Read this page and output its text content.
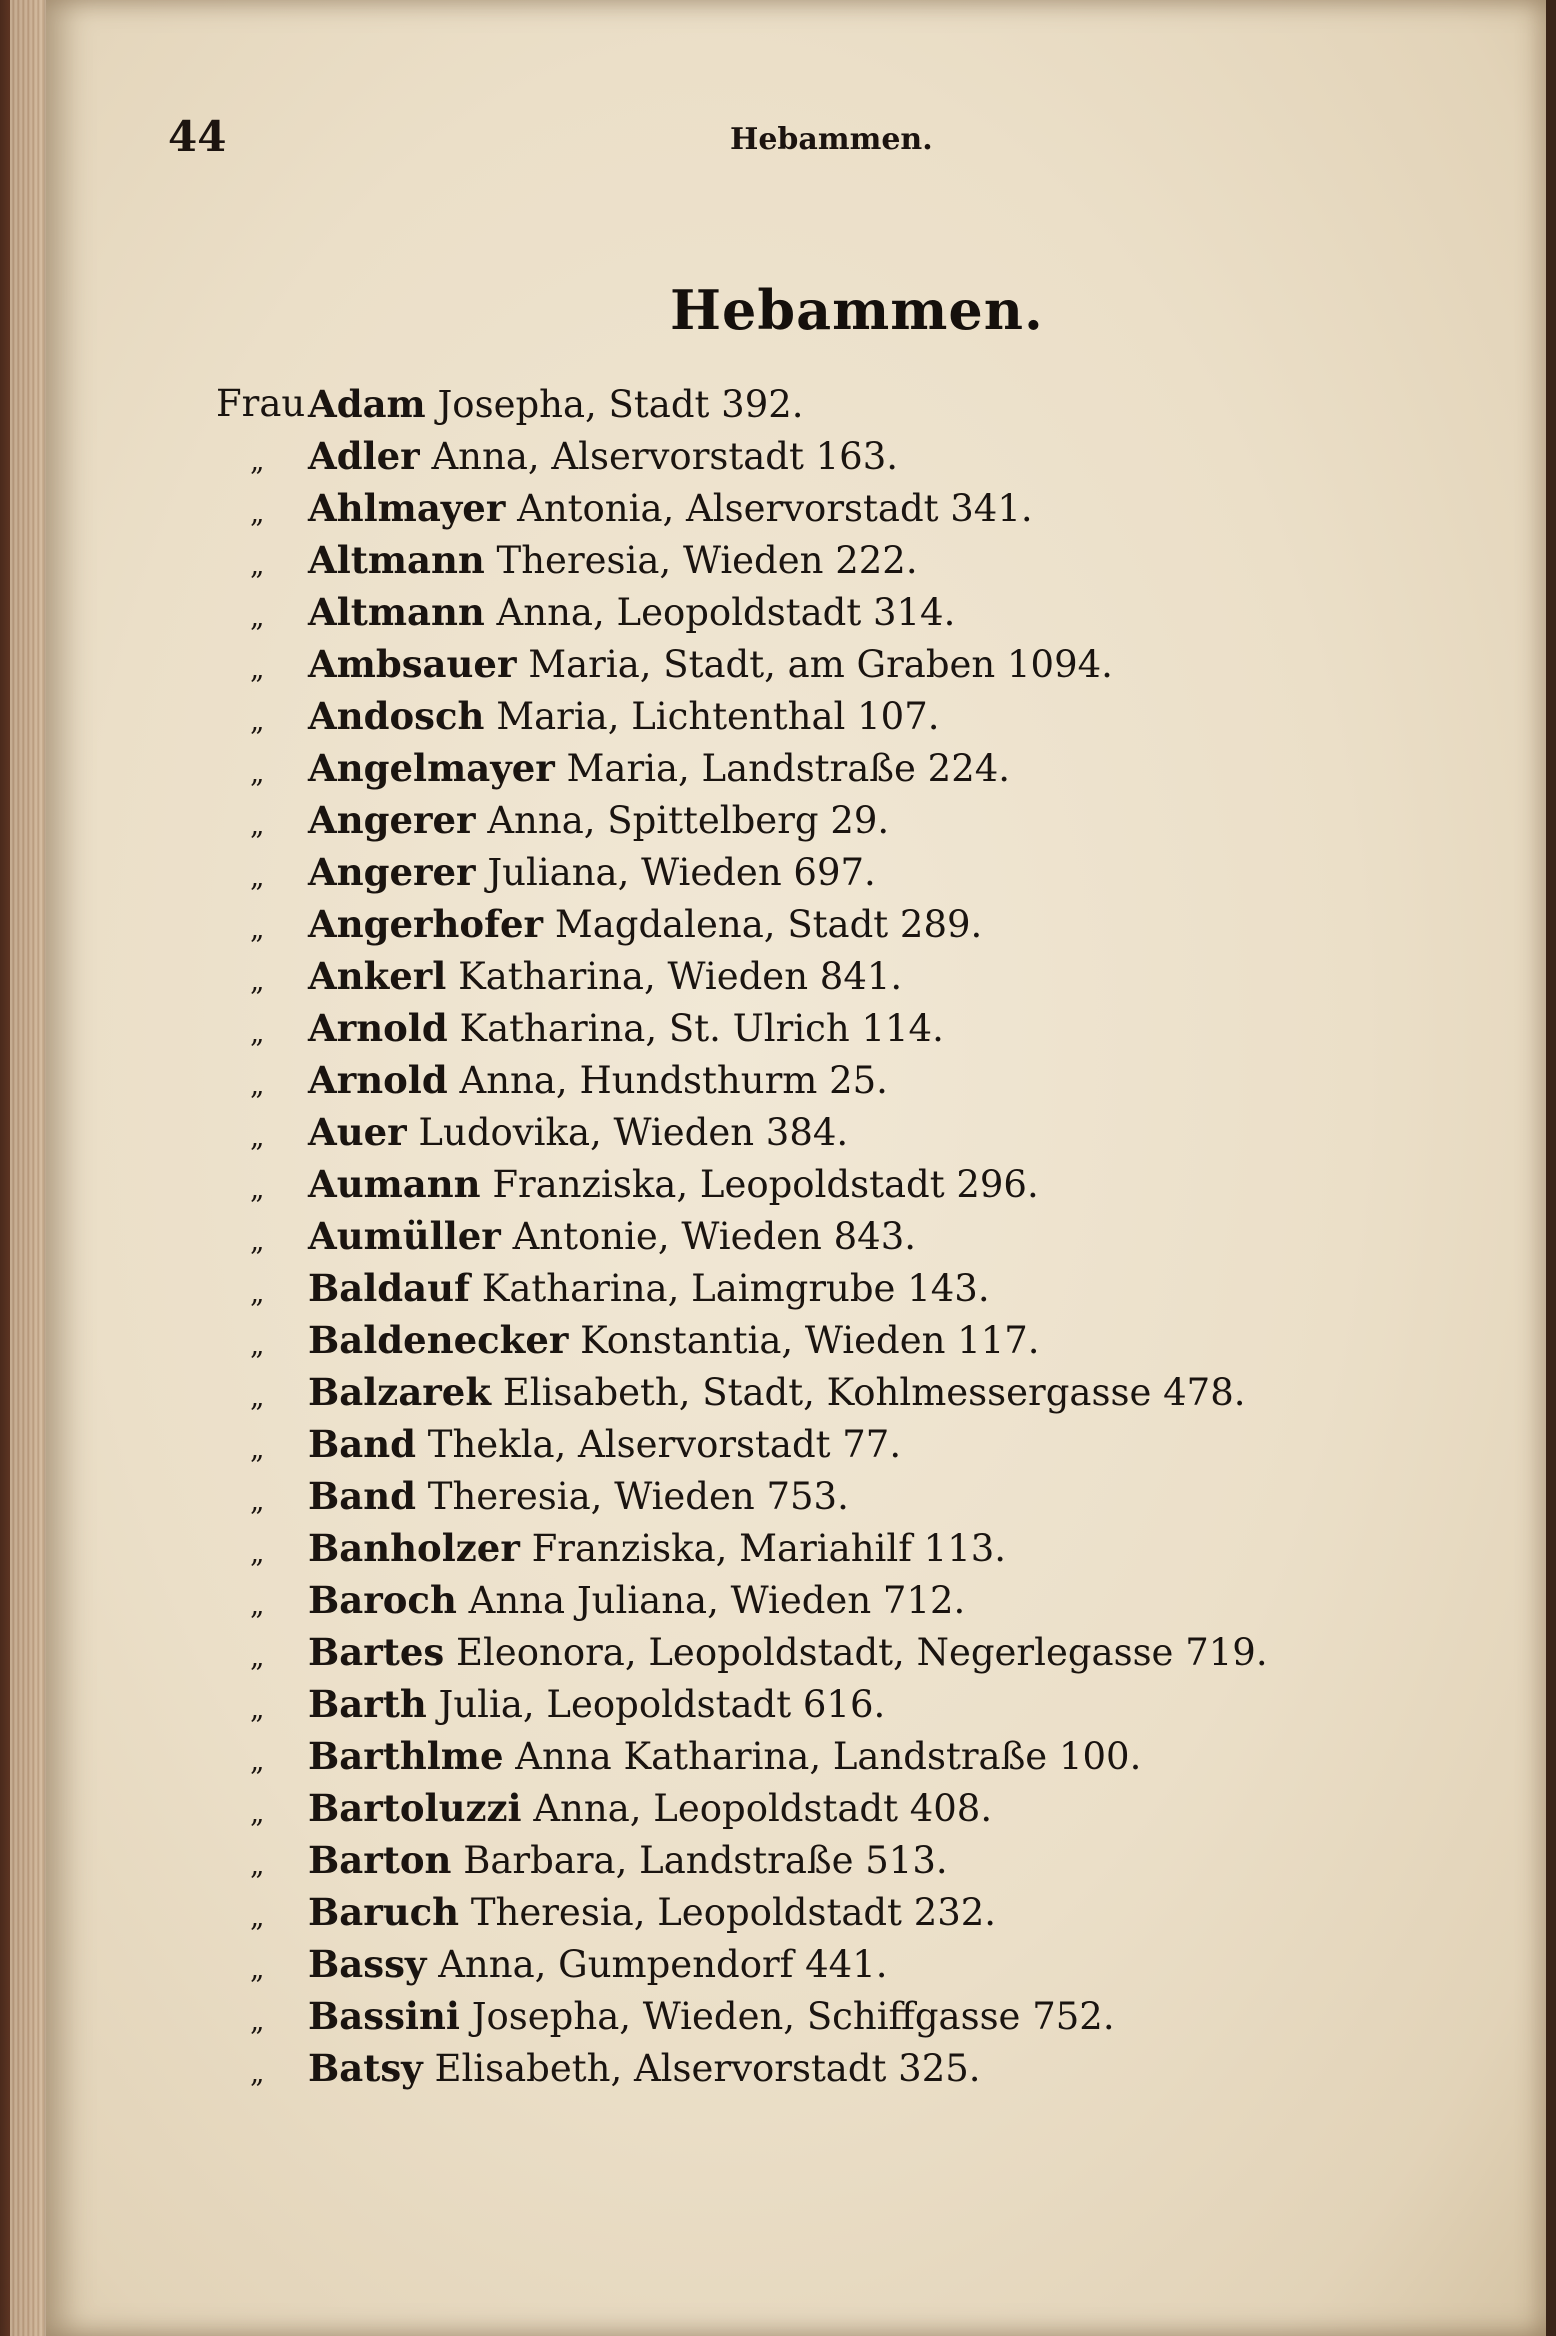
44	Hebammen.
Hebammen.
Frau Adam Josepha, Stadt 392.
„ Adler Anna, Alservorstadt 163.
„ Ahlmayer Antonia, Alservorstadt 341.
„ Altmann Theresia, Wieden 222.
„ Altmann Anna, Leopoldstadt 314.
„ Ambsauer Maria, Stadt, am Graben 1094.
„ Andosch Maria, Lichtenthal 107.
„ Angelmayer Maria, Landstraße 224.
„ Angerer Anna, Spittelberg 29.
„ Angerer Juliana, Wieden 697.
„ Angerhofer Magdalena, Stadt 289.
„ Ankerl Katharina, Wieden 841.
„ Arnold Katharina, St. Ulrich 114.
„ Arnold Anna, Hundsthurm 25.
„ Auer Ludovika, Wieden 384.
„ Aumann Franziska, Leopoldstadt 296.
„ Aumüller Antonie, Wieden 843.
„ Baldauf Katharina, Laimgrube 143.
„ Baldenecker Konstantia, Wieden 117.
„ Balzarek Elisabeth, Stadt, Kohlmessergasse 478.
„ Band Thekla, Alservorstadt 77.
„ Band Theresia, Wieden 753.
„ Banholzer Franziska, Mariahilf 113.
„ Baroch Anna Juliana, Wieden 712.
„ Bartes Eleonora, Leopoldstadt, Negerlegasse 719.
„ Barth Julia, Leopoldstadt 616.
„ Barthlme Anna Katharina, Landstraße 100.
„ Bartoluzzi Anna, Leopoldstadt 408.
„ Barton Barbara, Landstraße 513.
„ Baruch Theresia, Leopoldstadt 232.
„ Bassy Anna, Gumpendorf 441.
„ Bassini Josepha, Wieden, Schiffgasse 752.
„ Batsy Elisabeth, Alservorstadt 325.
